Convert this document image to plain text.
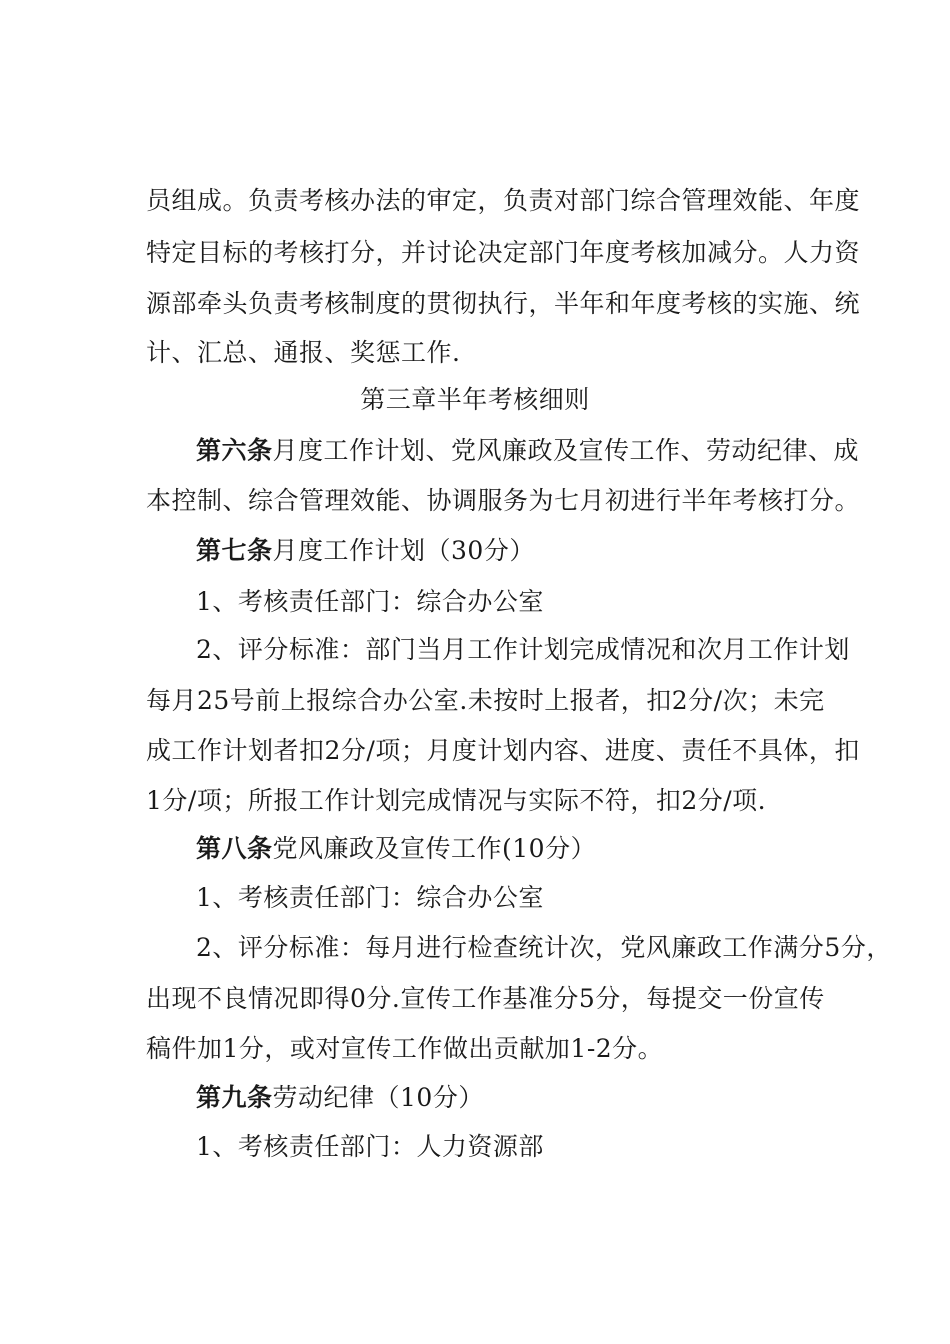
员组成。负责考核办法的审定，负责对部门综合管理效能、年度
特定目标的考核打分，并讨论决定部门年度考核加减分。人力资
源部牵头负责考核制度的贯彻执行，半年和年度考核的实施、统
计、汇总、通报、奖惩工作.
第三章半年考核细则
第六条月度工作计划、党风廉政及宣传工作、劳动纪律、成
本控制、综合管理效能、协调服务为七月初进行半年考核打分。
第七条月度工作计划（30分）
1、考核责任部门：综合办公室
2、评分标准：部门当月工作计划完成情况和次月工作计划
每月25号前上报综合办公室.未按时上报者，扣2分/次；未完
成工作计划者扣2分/项；月度计划内容、进度、责任不具体，扣
1分/项；所报工作计划完成情况与实际不符，扣2分/项.
第八条党风廉政及宣传工作(10分）
1、考核责任部门：综合办公室
2、评分标准：每月进行检查统计次，党风廉政工作满分5分，
出现不良情况即得0分.宣传工作基准分5分，每提交一份宣传
稿件加1分，或对宣传工作做出贡献加1-2分。
第九条劳动纪律（10分）
1、考核责任部门：人力资源部
